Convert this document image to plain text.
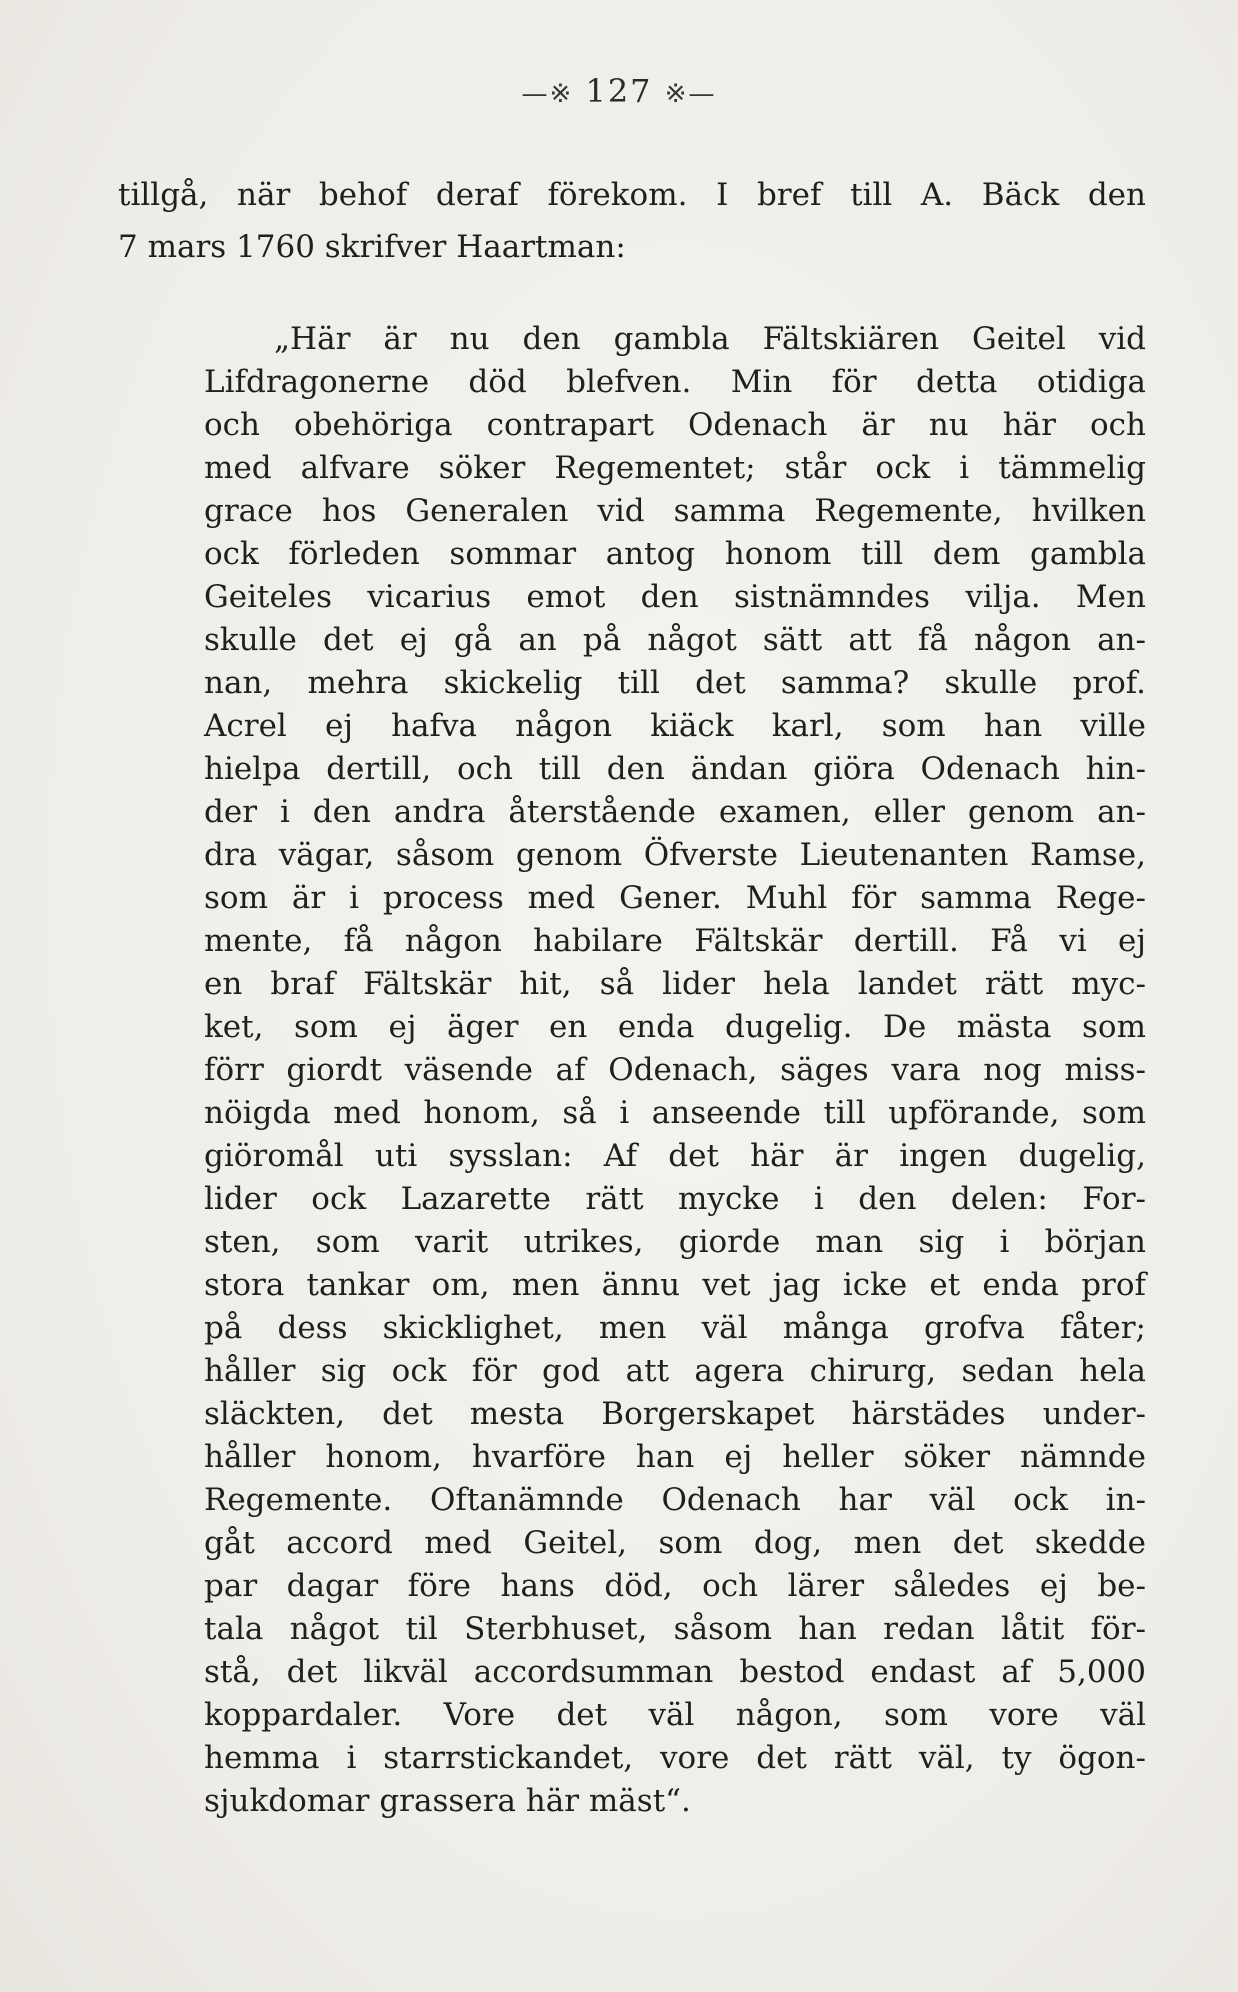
—※ 127 ※—
tillgå, när behof deraf förekom. I bref till A. Bäck den
7 mars 1760 skrifver Haartman:
„Här är nu den gambla Fältskiären Geitel vid
Lifdragonerne död blefven. Min för detta otidiga
och obehöriga contrapart Odenach är nu här och
med alfvare söker Regementet; står ock i tämmelig
grace hos Generalen vid samma Regemente, hvilken
ock förleden sommar antog honom till dem gambla
Geiteles vicarius emot den sistnämndes vilja. Men
skulle det ej gå an på något sätt att få någon an-
nan, mehra skickelig till det samma? skulle prof.
Acrel ej hafva någon kiäck karl, som han ville
hielpa dertill, och till den ändan giöra Odenach hin-
der i den andra återstående examen, eller genom an-
dra vägar, såsom genom Öfverste Lieutenanten Ramse,
som är i process med Gener. Muhl för samma Rege-
mente, få någon habilare Fältskär dertill. Få vi ej
en braf Fältskär hit, så lider hela landet rätt myc-
ket, som ej äger en enda dugelig. De mästa som
förr giordt väsende af Odenach, säges vara nog miss-
nöigda med honom, så i anseende till upförande, som
giöromål uti sysslan: Af det här är ingen dugelig,
lider ock Lazarette rätt mycke i den delen: For-
sten, som varit utrikes, giorde man sig i början
stora tankar om, men ännu vet jag icke et enda prof
på dess skicklighet, men väl många grofva fåter;
håller sig ock för god att agera chirurg, sedan hela
släckten, det mesta Borgerskapet härstädes under-
håller honom, hvarföre han ej heller söker nämnde
Regemente. Oftanämnde Odenach har väl ock in-
gåt accord med Geitel, som dog, men det skedde
par dagar före hans död, och lärer således ej be-
tala något til Sterbhuset, såsom han redan låtit för-
stå, det likväl accordsumman bestod endast af 5,000
koppardaler. Vore det väl någon, som vore väl
hemma i starrstickandet, vore det rätt väl, ty ögon-
sjukdomar grassera här mäst“.
